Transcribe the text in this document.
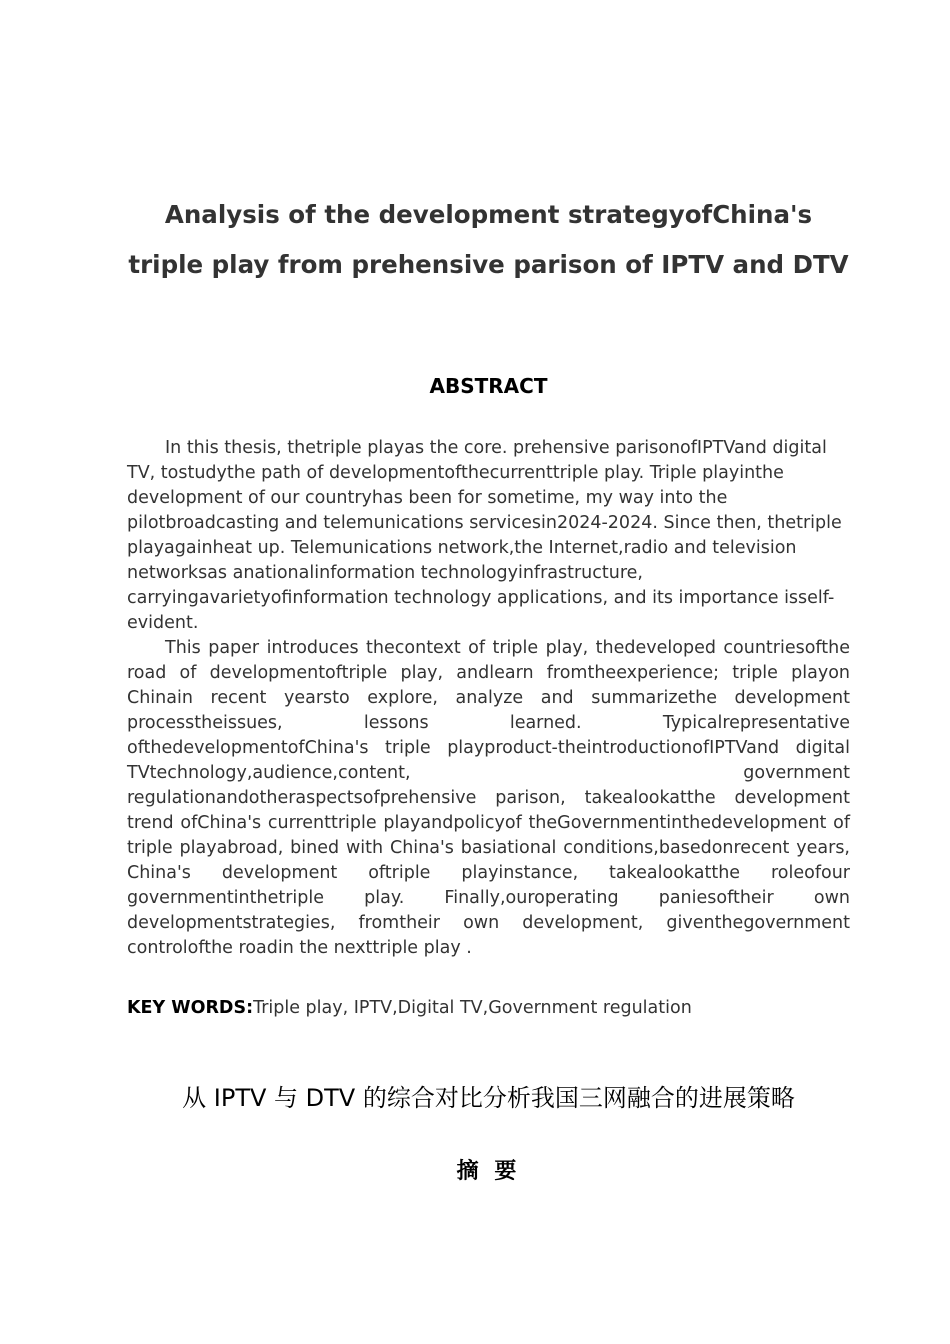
Analysis of the development strategyofChina's triple play from prehensive parison of IPTV and DTV
ABSTRACT

In this thesis, thetriple playas the core. prehensive parisonofIPTVand digital TV, tostudythe path of developmentofthecurrenttriple play. Triple playinthe development of our countryhas been for sometime, my way into the pilotbroadcasting and telemunications servicesin2024-2024. Since then, thetriple playagainheat up. Telemunications network,the Internet,radio and television networksas anationalinformation technologyinfrastructure, carryingavarietyofinformation technology applications, and its importance isself-evident.

This paper introduces thecontext of triple play, thedeveloped countriesofthe road of developmentoftriple play, andlearn fromtheexperience; triple playon Chinain recent yearsto explore, analyze and summarizethe development processtheissues, lessons learned. Typicalrepresentative ofthedevelopmentofChina's triple playproduct-theintroductionofIPTVand digital TVtechnology,audience,content, government regulationandotheraspectsofprehensive parison, takealookatthe development trend ofChina's currenttriple playandpolicyof theGovernmentinthedevelopment of triple playabroad, bined with China's basiational conditions,basedonrecent years, China's development oftriple playinstance, takealookatthe roleofour governmentinthetriple play. Finally,ouroperating paniesoftheir own developmentstrategies, fromtheir own development, giventhegovernment controlofthe roadin the nexttriple play .

KEY WORDS:Triple play, IPTV,Digital TV,Government regulation

从 IPTV 与 DTV 的综合对比分析我国三网融合的进展策略
摘 要
